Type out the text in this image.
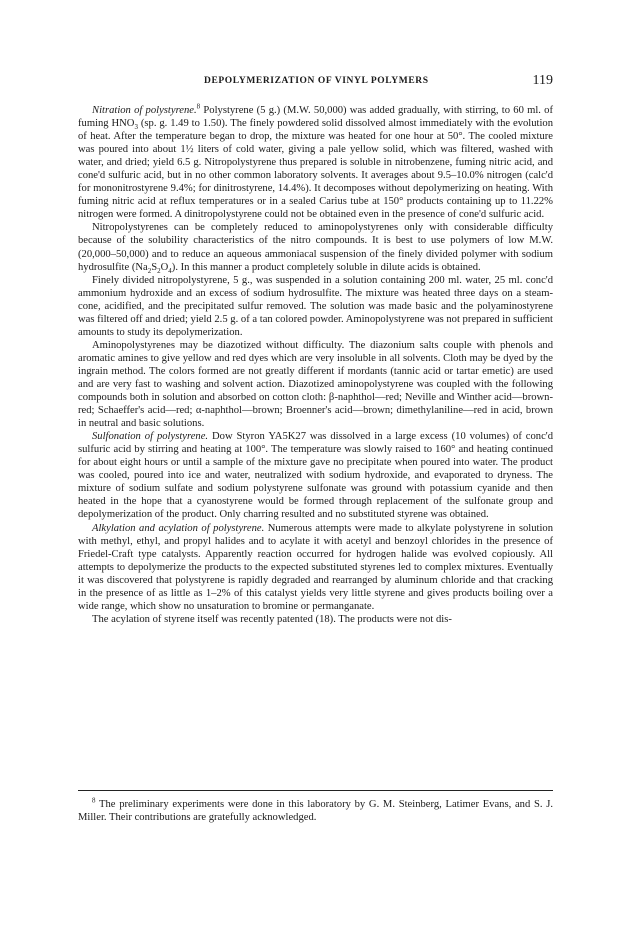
DEPOLYMERIZATION OF VINYL POLYMERS	119

Nitration of polystyrene.$^8$ Polystyrene (5 g.) (M.W. 50,000) was added gradually, with stirring, to 60 ml. of fuming $HNO_3$ (sp. g. 1.49 to 1.50). The finely powdered solid dissolved almost immediately with the evolution of heat. After the temperature began to drop, the mixture was heated for one hour at 50°. The cooled mixture was poured into about 1½ liters of cold water, giving a pale yellow solid, which was filtered, washed with water, and dried; yield 6.5 g. Nitropolystyrene thus prepared is soluble in nitrobenzene, fuming nitric acid, and cone'd sulfuric acid, but in no other common laboratory solvents. It averages about 9.5–10.0% nitrogen (calc'd for mononitrostyrene 9.4%; for dinitrostyrene, 14.4%). It decomposes without depolymerizing on heating. With fuming nitric acid at reflux temperatures or in a sealed Carius tube at 150° products containing up to 11.22% nitrogen were formed. A dinitropolystyrene could not be obtained even in the presence of cone'd sulfuric acid.

Nitropolystyrenes can be completely reduced to aminopolystyrenes only with considerable difficulty because of the solubility characteristics of the nitro compounds. It is best to use polymers of low M.W. (20,000–50,000) and to reduce an aqueous ammoniacal suspension of the finely divided polymer with sodium hydrosulfite $(Na_2S_2O_4)$. In this manner a product completely soluble in dilute acids is obtained.

Finely divided nitropolystyrene, 5 g., was suspended in a solution containing 200 ml. water, 25 ml. conc'd ammonium hydroxide and an excess of sodium hydrosulfite. The mixture was heated three days on a steam-cone, acidified, and the precipitated sulfur removed. The solution was made basic and the polyaminostyrene was filtered off and dried; yield 2.5 g. of a tan colored powder. Aminopolystyrene was not prepared in sufficient amounts to study its depolymerization.

Aminopolystyrenes may be diazotized without difficulty. The diazonium salts couple with phenols and aromatic amines to give yellow and red dyes which are very insoluble in all solvents. Cloth may be dyed by the ingrain method. The colors formed are not greatly different if mordants (tannic acid or tartar emetic) are used and are very fast to washing and solvent action. Diazotized aminopolystyrene was coupled with the following compounds both in solution and absorbed on cotton cloth: β-naphthol—red; Neville and Winther acid—brown-red; Schaeffer's acid—red; α-naphthol—brown; Broenner's acid—brown; dimethylaniline—red in acid, brown in neutral and basic solutions.

Sulfonation of polystyrene. Dow Styron YA5K27 was dissolved in a large excess (10 volumes) of conc'd sulfuric acid by stirring and heating at 100°. The temperature was slowly raised to 160° and heating continued for about eight hours or until a sample of the mixture gave no precipitate when poured into water. The product was cooled, poured into ice and water, neutralized with sodium hydroxide, and evaporated to dryness. The mixture of sodium sulfate and sodium polystyrene sulfonate was ground with potassium cyanide and then heated in the hope that a cyanostyrene would be formed through replacement of the sulfonate group and depolymerization of the product. Only charring resulted and no substituted styrene was obtained.

Alkylation and acylation of polystyrene. Numerous attempts were made to alkylate polystyrene in solution with methyl, ethyl, and propyl halides and to acylate it with acetyl and benzoyl chlorides in the presence of Friedel-Craft type catalysts. Apparently reaction occurred for hydrogen halide was evolved copiously. All attempts to depolymerize the products to the expected substituted styrenes led to complex mixtures. Eventually it was discovered that polystyrene is rapidly degraded and rearranged by aluminum chloride and that cracking in the presence of as little as 1–2% of this catalyst yields very little styrene and gives products boiling over a wide range, which show no unsaturation to bromine or permanganate.

The acylation of styrene itself was recently patented (18). The products were not dis-

$^8$ The preliminary experiments were done in this laboratory by G. M. Steinberg, Latimer Evans, and S. J. Miller. Their contributions are gratefully acknowledged.
